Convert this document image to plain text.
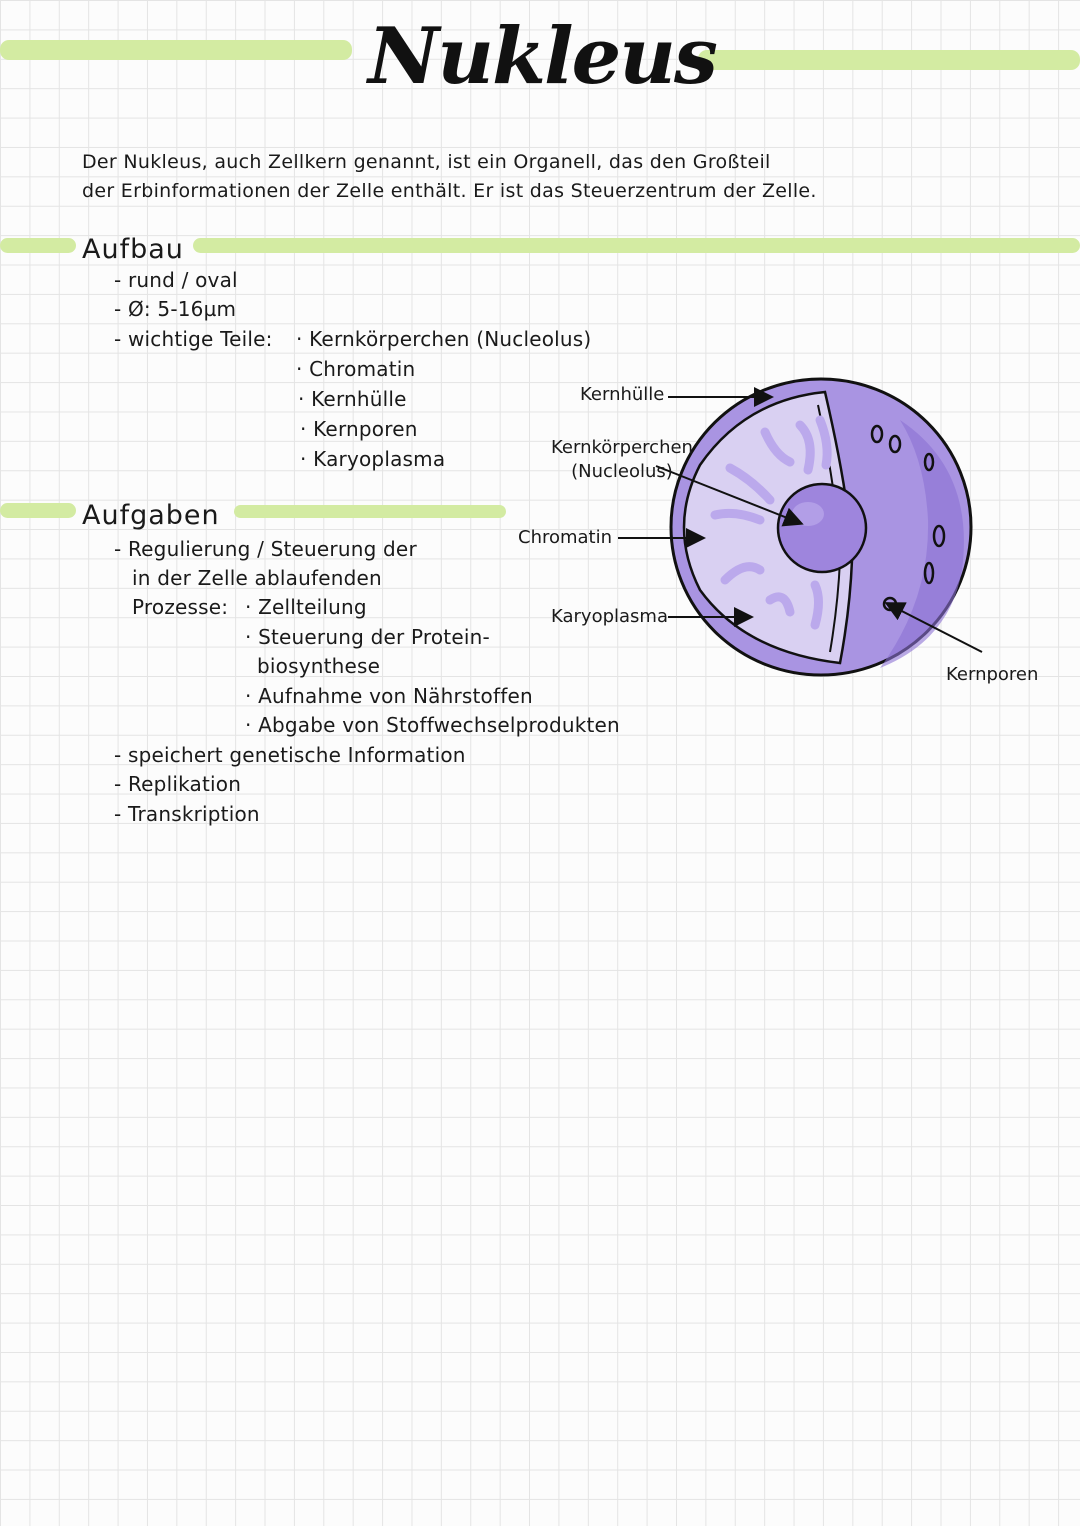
Nukleus
Der Nukleus, auch Zellkern genannt, ist ein Organell, das den Großteil
der Erbinformationen der Zelle enthält. Er ist das Steuerzentrum der Zelle.
Aufbau
- rund / oval
- Ø: 5-16µm
- wichtige Teile: · Kernkörperchen (Nucleolus)
· Chromatin
· Kernhülle
· Kernporen
· Karyoplasma
Aufgaben
- Regulierung / Steuerung der
in der Zelle ablaufenden
Prozesse: · Zellteilung
· Steuerung der Protein-
biosynthese
· Aufnahme von Nährstoffen
· Abgabe von Stoffwechselprodukten
- speichert genetische Information
- Replikation
- Transkription
Kernhülle
Kernkörperchen
(Nucleolus)
Chromatin
Karyoplasma
Kernporen
